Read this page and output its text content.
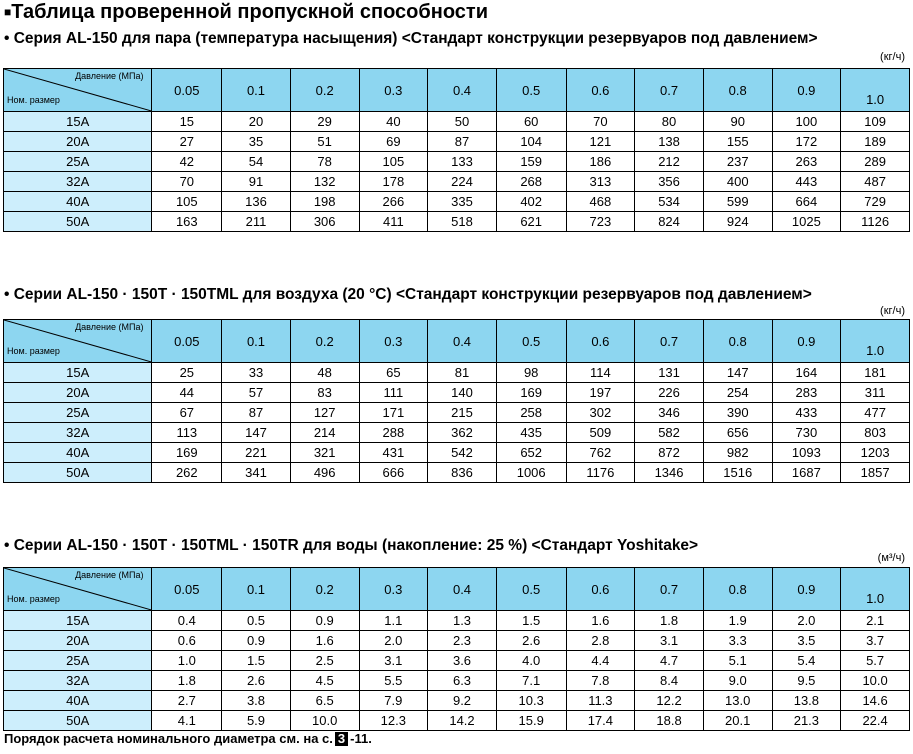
■Таблица проверенной пропускной способности
• Серия AL-150 для пара (температура насыщения) <Стандарт конструкции резервуаров под давлением>
(кг/ч)
Давление (МПа)
Ном. размер	0.05	0.1	0.2	0.3	0.4	0.5	0.6	0.7	0.8	0.9	1.0
15A	15	20	29	40	50	60	70	80	90	100	109
20A	27	35	51	69	87	104	121	138	155	172	189
25A	42	54	78	105	133	159	186	212	237	263	289
32A	70	91	132	178	224	268	313	356	400	443	487
40A	105	136	198	266	335	402	468	534	599	664	729
50A	163	211	306	411	518	621	723	824	924	1025	1126
• Серии AL-150 · 150T · 150TML для воздуха (20 °C) <Стандарт конструкции резервуаров под давлением>
(кг/ч)
Давление (МПа)
Ном. размер	0.05	0.1	0.2	0.3	0.4	0.5	0.6	0.7	0.8	0.9	1.0
15A	25	33	48	65	81	98	114	131	147	164	181
20A	44	57	83	111	140	169	197	226	254	283	311
25A	67	87	127	171	215	258	302	346	390	433	477
32A	113	147	214	288	362	435	509	582	656	730	803
40A	169	221	321	431	542	652	762	872	982	1093	1203
50A	262	341	496	666	836	1006	1176	1346	1516	1687	1857
• Серии AL-150 · 150T · 150TML · 150TR для воды (накопление: 25 %) <Стандарт Yoshitake>
(м³/ч)
Давление (МПа)
Ном. размер	0.05	0.1	0.2	0.3	0.4	0.5	0.6	0.7	0.8	0.9	1.0
15A	0.4	0.5	0.9	1.1	1.3	1.5	1.6	1.8	1.9	2.0	2.1
20A	0.6	0.9	1.6	2.0	2.3	2.6	2.8	3.1	3.3	3.5	3.7
25A	1.0	1.5	2.5	3.1	3.6	4.0	4.4	4.7	5.1	5.4	5.7
32A	1.8	2.6	4.5	5.5	6.3	7.1	7.8	8.4	9.0	9.5	10.0
40A	2.7	3.8	6.5	7.9	9.2	10.3	11.3	12.2	13.0	13.8	14.6
50A	4.1	5.9	10.0	12.3	14.2	15.9	17.4	18.8	20.1	21.3	22.4
Порядок расчета номинального диаметра см. на с. 3 -11.
